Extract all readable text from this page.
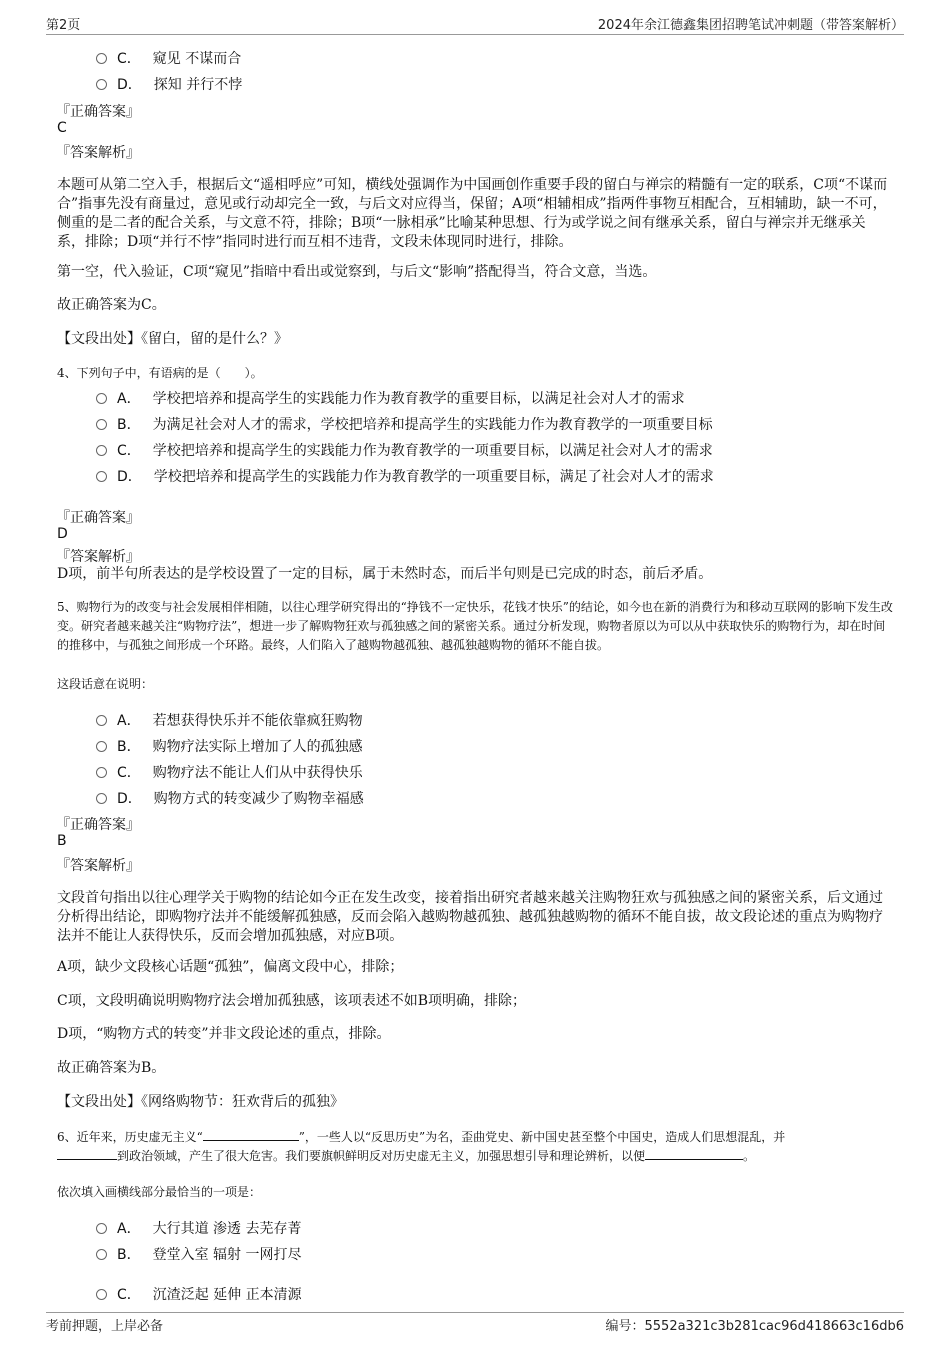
第2页	2024年余江德鑫集团招聘笔试冲刺题（带答案解析）
C． 窥见 不谋而合
D． 探知 并行不悖
『正确答案』
C
『答案解析』
本题可从第二空入手，根据后文“遥相呼应”可知，横线处强调作为中国画创作重要手段的留白与禅宗的精髓有一定的联系，C项“不谋而合”指事先没有商量过，意见或行动却完全一致，与后文对应得当，保留；A项“相辅相成”指两件事物互相配合，互相辅助，缺一不可，侧重的是二者的配合关系，与文意不符，排除；B项“一脉相承”比喻某种思想、行为或学说之间有继承关系，留白与禅宗并无继承关系，排除；D项“并行不悖”指同时进行而互相不违背，文段未体现同时进行，排除。
第一空，代入验证，C项“窥见”指暗中看出或觉察到，与后文“影响”搭配得当，符合文意，当选。
故正确答案为C。
【文段出处】《留白，留的是什么？》
4、下列句子中，有语病的是（　　）。
A． 学校把培养和提高学生的实践能力作为教育教学的重要目标，以满足社会对人才的需求
B． 为满足社会对人才的需求，学校把培养和提高学生的实践能力作为教育教学的一项重要目标
C． 学校把培养和提高学生的实践能力作为教育教学的一项重要目标，以满足社会对人才的需求
D． 学校把培养和提高学生的实践能力作为教育教学的一项重要目标，满足了社会对人才的需求
『正确答案』
D
『答案解析』
D项，前半句所表达的是学校设置了一定的目标，属于未然时态，而后半句则是已完成的时态，前后矛盾。
5、购物行为的改变与社会发展相伴相随，以往心理学研究得出的“挣钱不一定快乐，花钱才快乐”的结论，如今也在新的消费行为和移动互联网的影响下发生改变。研究者越来越关注“购物疗法”，想进一步了解购物狂欢与孤独感之间的紧密关系。通过分析发现，购物者原以为可以从中获取快乐的购物行为，却在时间的推移中，与孤独之间形成一个环路。最终，人们陷入了越购物越孤独、越孤独越购物的循环不能自拔。
这段话意在说明：
A． 若想获得快乐并不能依靠疯狂购物
B． 购物疗法实际上增加了人的孤独感
C． 购物疗法不能让人们从中获得快乐
D． 购物方式的转变减少了购物幸福感
『正确答案』
B
『答案解析』
文段首句指出以往心理学关于购物的结论如今正在发生改变，接着指出研究者越来越关注购物狂欢与孤独感之间的紧密关系，后文通过分析得出结论，即购物疗法并不能缓解孤独感，反而会陷入越购物越孤独、越孤独越购物的循环不能自拔，故文段论述的重点为购物疗法并不能让人获得快乐，反而会增加孤独感，对应B项。
A项，缺少文段核心话题“孤独”，偏离文段中心，排除；
C项，文段明确说明购物疗法会增加孤独感，该项表述不如B项明确，排除；
D项，“购物方式的转变”并非文段论述的重点，排除。
故正确答案为B。
【文段出处】《网络购物节：狂欢背后的孤独》
6、近年来，历史虚无主义“	”，一些人以“反思历史”为名，歪曲党史、新中国史甚至整个中国史，造成人们思想混乱，并
到政治领域，产生了很大危害。我们要旗帜鲜明反对历史虚无主义，加强思想引导和理论辨析，以便	。
依次填入画横线部分最恰当的一项是：
A． 大行其道 渗透 去芜存菁
B． 登堂入室 辐射 一网打尽
C． 沉渣泛起 延伸 正本清源
考前押题，上岸必备	编号：5552a321c3b281cac96d418663c16db6
